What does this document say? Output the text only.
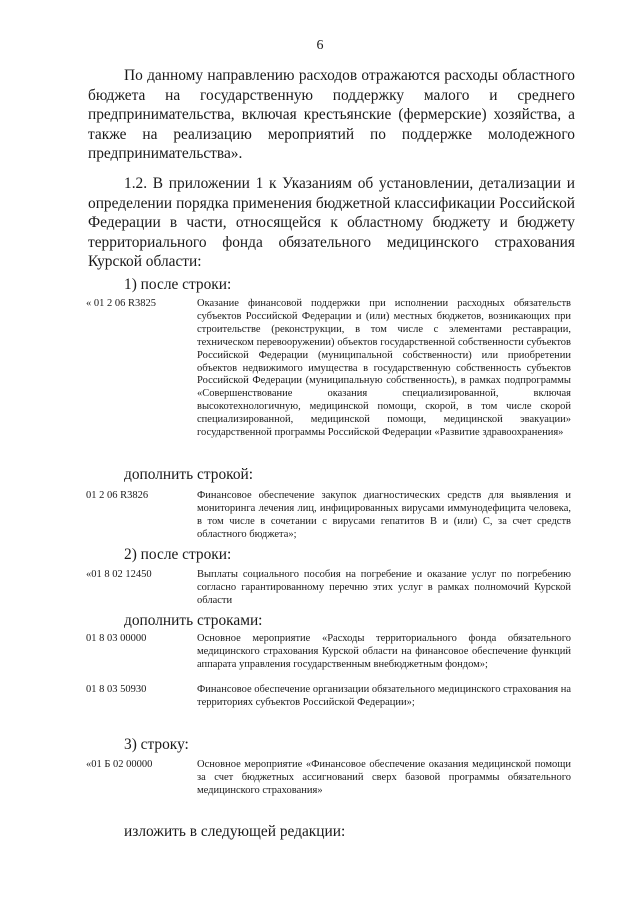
6

По данному направлению расходов отражаются расходы областного бюджета на государственную поддержку малого и среднего предпринимательства, включая крестьянские (фермерские) хозяйства, а также на реализацию мероприятий по поддержке молодежного предпринимательства».

1.2. В приложении 1 к Указаниям об установлении, детализации и определении порядка применения бюджетной классификации Российской Федерации в части, относящейся к областному бюджету и бюджету территориального фонда обязательного медицинского страхования Курской области:

1) после строки:
« 01 2 06 R3825	Оказание финансовой поддержки при исполнении расходных обязательств субъектов Российской Федерации и (или) местных бюджетов, возникающих при строительстве (реконструкции, в том числе с элементами реставрации, техническом перевооружении) объектов государственной собственности субъектов Российской Федерации (муниципальной собственности) или приобретении объектов недвижимого имущества в государственную собственность субъектов Российской Федерации (муниципальную собственность), в рамках подпрограммы «Совершенствование оказания специализированной, включая высокотехнологичную, медицинской помощи, скорой, в том числе скорой специализированной, медицинской помощи, медицинской эвакуации» государственной программы Российской Федерации «Развитие здравоохранения»

дополнить строкой:
01 2 06 R3826	Финансовое обеспечение закупок диагностических средств для выявления и мониторинга лечения лиц, инфицированных вирусами иммунодефицита человека, в том числе в сочетании с вирусами гепатитов В и (или) С, за счет средств областного бюджета»;

2) после строки:
«01 8 02 12450	Выплаты социального пособия на погребение и оказание услуг по погребению согласно гарантированному перечню этих услуг в рамках полномочий Курской области

дополнить строками:
01 8 03 00000	Основное мероприятие «Расходы территориального фонда обязательного медицинского страхования Курской области на финансовое обеспечение функций аппарата управления государственным внебюджетным фондом»;

01 8 03 50930	Финансовое обеспечение организации обязательного медицинского страхования на территориях субъектов Российской Федерации»;

3) строку:
«01 Б 02 00000	Основное мероприятие «Финансовое обеспечение оказания медицинской помощи за счет бюджетных ассигнований сверх базовой программы обязательного медицинского страхования»

изложить в следующей редакции:
